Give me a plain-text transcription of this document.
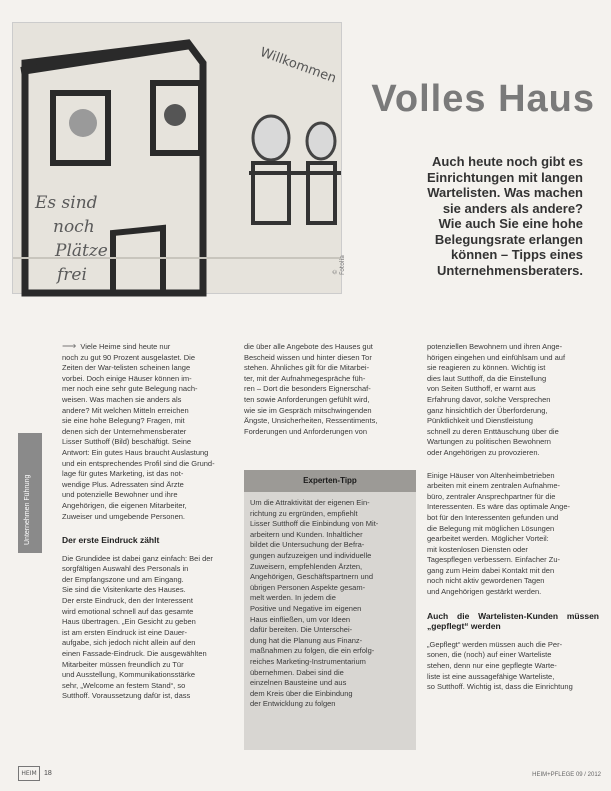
Willkommen
Es sind
noch
Plätze
frei	© Fotolia
Volles Haus
Auch heute noch gibt es
Einrichtungen mit langen
Wartelisten. Was machen
sie anders als andere?
Wie auch Sie eine hohe
Belegungsrate erlangen
können – Tipps eines
Unternehmensberaters.
Unternehmen Führung

⟶ Viele Heime sind heute nur

noch zu gut 90 Prozent ausgelastet. Die

Zeiten der War-telisten scheinen lange

vorbei. Doch einige Häuser können im-

mer noch eine sehr gute Belegung nach-

weisen. Was machen sie anders als

andere? Mit welchen Mitteln erreichen

sie eine hohe Belegung? Fragen, mit

denen sich der Unternehmensberater

Lisser Sutthoff (Bild) beschäftigt. Seine

Antwort: Ein gutes Haus braucht Auslastung

und ein entsprechendes Profil sind die Grund-

lage für gutes Marketing, ist das not-

wendige Plus. Adressaten sind Ärzte

und potenzielle Bewohner und ihre

Angehörigen, die eigenen Mitarbeiter,

Zuweiser und umgebende Personen.

Der erste Eindruck zählt

Die Grundidee ist dabei ganz einfach: Bei der

sorgfältigen Auswahl des Personals in

der Empfangszone und am Eingang.

Sie sind die Visitenkarte des Hauses.

Der erste Eindruck, den der Interessent

wird emotional schnell auf das gesamte

Haus übertragen. „Ein Gesicht zu geben

ist am ersten Eindruck ist eine Dauer-

aufgabe, sich jedoch nicht allein auf den

einen Fassade-Eindruck. Die ausgewählten

Mitarbeiter müssen freundlich zu Tür

und Ausstellung, Kommunikationsstärke

sehr, „Welcome an festem Stand“, so

Sutthoff. Voraussetzung dafür ist, dass

die über alle Angebote des Hauses gut

Bescheid wissen und hinter diesen Tor

stehen. Ähnliches gilt für die Mitarbei-

ter, mit der Aufnahmegespräche füh-

ren – Dort die besonders Eignerschaf-

ten sowie Anforderungen gefühlt wird,

wie sie im Gespräch mitschwingenden

Ängste, Unsicherheiten, Ressentiments,

Forderungen und Anforderungen von

Experten-Tipp

Um die Attraktivität der eigenen Ein-

richtung zu ergründen, empfiehlt

Lisser Sutthoff die Einbindung von Mit-

arbeitern und Kunden. Inhaltlicher

bildet die Untersuchung der Befra-

gungen aufzuzeigen und individuelle

Zuweisern, empfehlenden Ärzten,

Angehörigen, Geschäftspartnern und

übrigen Personen Aspekte gesam-

melt werden. In jedem die

Positive und Negative im eigenen

Haus einfließen, um vor Ideen

dafür bereiten. Die Unterschei-

dung hat die Planung aus Finanz-

maßnahmen zu folgen, die ein erfolg-

reiches Marketing-Instrumentarium

übernehmen. Dabei sind die

einzelnen Bausteine und aus

dem Kreis über die Einbindung

der Entwicklung zu folgen

potenziellen Bewohnern und ihren Ange-

hörigen eingehen und einfühlsam und auf

sie reagieren zu können. Wichtig ist

dies laut Sutthoff, da die Einstellung

von Seiten Sutthoff, er warnt aus

Erfahrung davor, solche Versprechen

ganz hinsichtlich der Überforderung,

Pünktlichkeit und Dienstleistung

schnell zu deren Enttäuschung über die

Wartungen zu politischen Bewohnern

oder Angehörigen zu provozieren.

Einige Häuser von Altenheimbetrieben

arbeiten mit einem zentralen Aufnahme-

büro, zentraler Ansprechpartner für die

Interessenten. Es wäre das optimale Ange-

bot für den Interessenten gefunden und

die Belegung mit möglichen Lösungen

gearbeitet werden. Möglicher Vorteil:

mit kostenlosen Diensten oder

Tagespflegen verbessern. Einfacher Zu-

gang zum Heim dabei Kontakt mit den

noch nicht aktiv gewordenen Tagen

und Angehörigen gestärkt werden.

Auch die Wartelisten-Kunden müssen „gepflegt“ werden

„Gepflegt“ werden müssen auch die Per-

sonen, die (noch) auf einer Warteliste

stehen, denn nur eine gepflegte Warte-

liste ist eine aussagefähige Warteliste,

so Sutthoff. Wichtig ist, dass die Einrichtung

HEIM	18	HEIM+PFLEGE 09 / 2012
